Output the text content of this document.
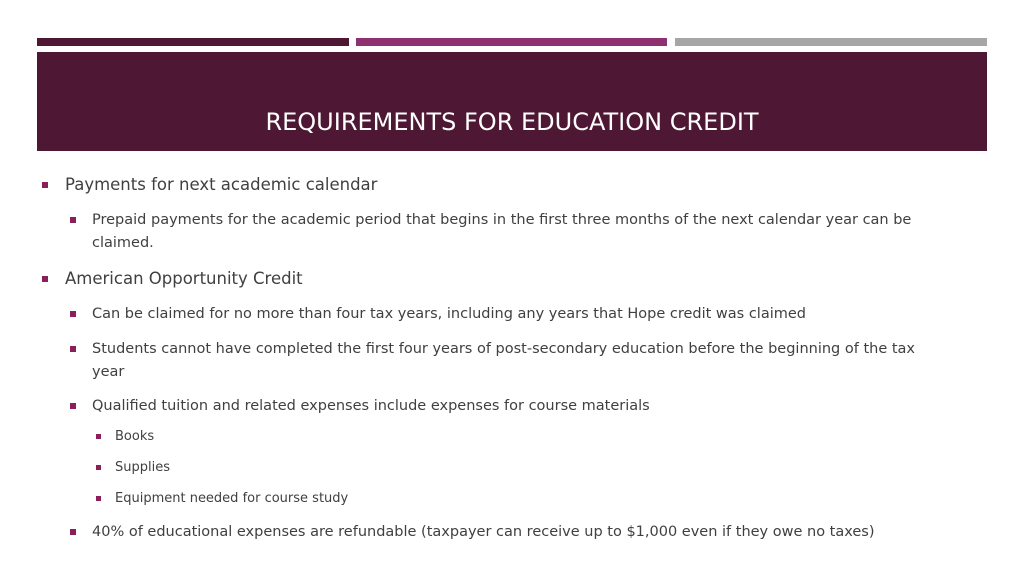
REQUIREMENTS FOR EDUCATION CREDIT
Payments for next academic calendar
Prepaid payments for the academic period that begins in the first three months of the next calendar year can be
claimed.
American Opportunity Credit
Can be claimed for no more than four tax years, including any years that Hope credit was claimed
Students cannot have completed the first four years of post-secondary education before the beginning of the tax
year
Qualified tuition and related expenses include expenses for course materials
Books
Supplies
Equipment needed for course study
40% of educational expenses are refundable (taxpayer can receive up to $1,000 even if they owe no taxes)
